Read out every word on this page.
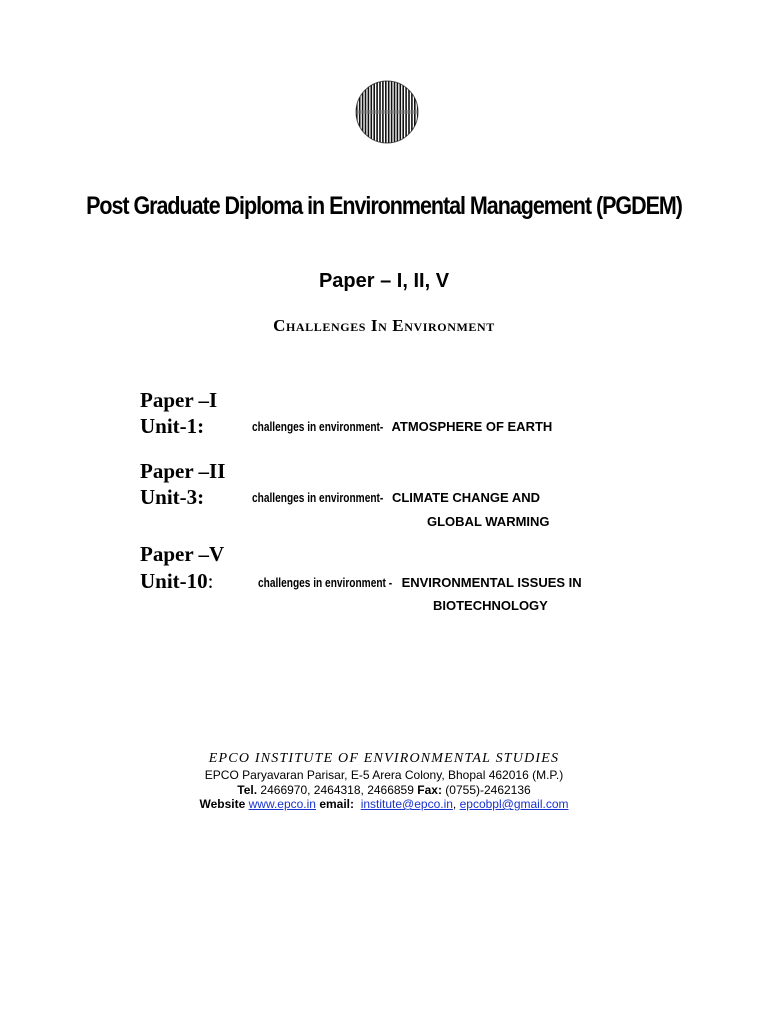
Post Graduate Diploma in Environmental Management (PGDEM)
Paper – I, II, V
Challenges In Environment
Paper –I
Unit-1:	challenges in environment- ATMOSPHERE OF EARTH
Paper –II
Unit-3:	challenges in environment- CLIMATE CHANGE AND
GLOBAL WARMING
Paper –V
Unit-10:	challenges in environment - ENVIRONMENTAL ISSUES IN
BIOTECHNOLOGY
EPCO INSTITUTE OF ENVIRONMENTAL STUDIES
EPCO Paryavaran Parisar, E-5 Arera Colony, Bhopal 462016 (M.P.)
Tel. 2466970, 2464318, 2466859 Fax: (0755)-2462136
Website www.epco.in email: institute@epco.in, epcobpl@gmail.com
